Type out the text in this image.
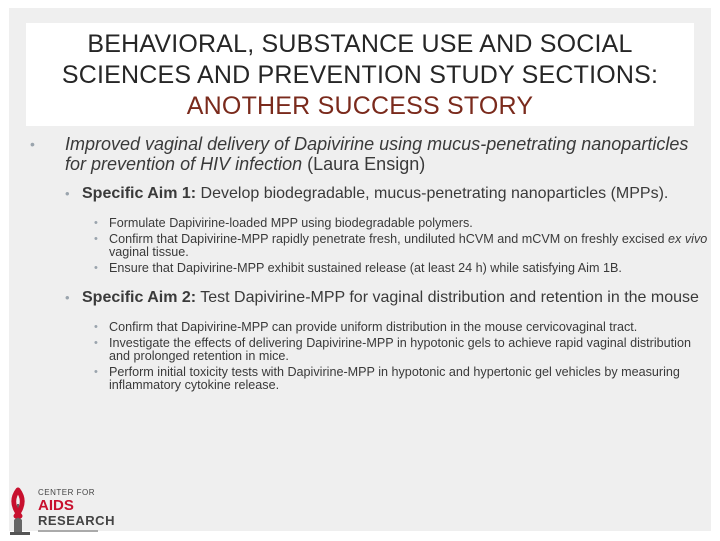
BEHAVIORAL, SUBSTANCE USE AND SOCIAL
SCIENCES AND PREVENTION STUDY SECTIONS:
ANOTHER SUCCESS STORY
• Improved vaginal delivery of Dapivirine using mucus-penetrating nanoparticles for prevention of HIV infection (Laura Ensign)
• Specific Aim 1: Develop biodegradable, mucus-penetrating nanoparticles (MPPs).
• Formulate Dapivirine-loaded MPP using biodegradable polymers.
• Confirm that Dapivirine-MPP rapidly penetrate fresh, undiluted hCVM and mCVM on freshly excised ex vivo vaginal tissue.
• Ensure that Dapivirine-MPP exhibit sustained release (at least 24 h) while satisfying Aim 1B.
• Specific Aim 2: Test Dapivirine-MPP for vaginal distribution and retention in the mouse
• Confirm that Dapivirine-MPP can provide uniform distribution in the mouse cervicovaginal tract.
• Investigate the effects of delivering Dapivirine-MPP in hypotonic gels to achieve rapid vaginal distribution and prolonged retention in mice.
• Perform initial toxicity tests with Dapivirine-MPP in hypotonic and hypertonic gel vehicles by measuring inflammatory cytokine release.
CENTER FOR
AIDS
RESEARCH
